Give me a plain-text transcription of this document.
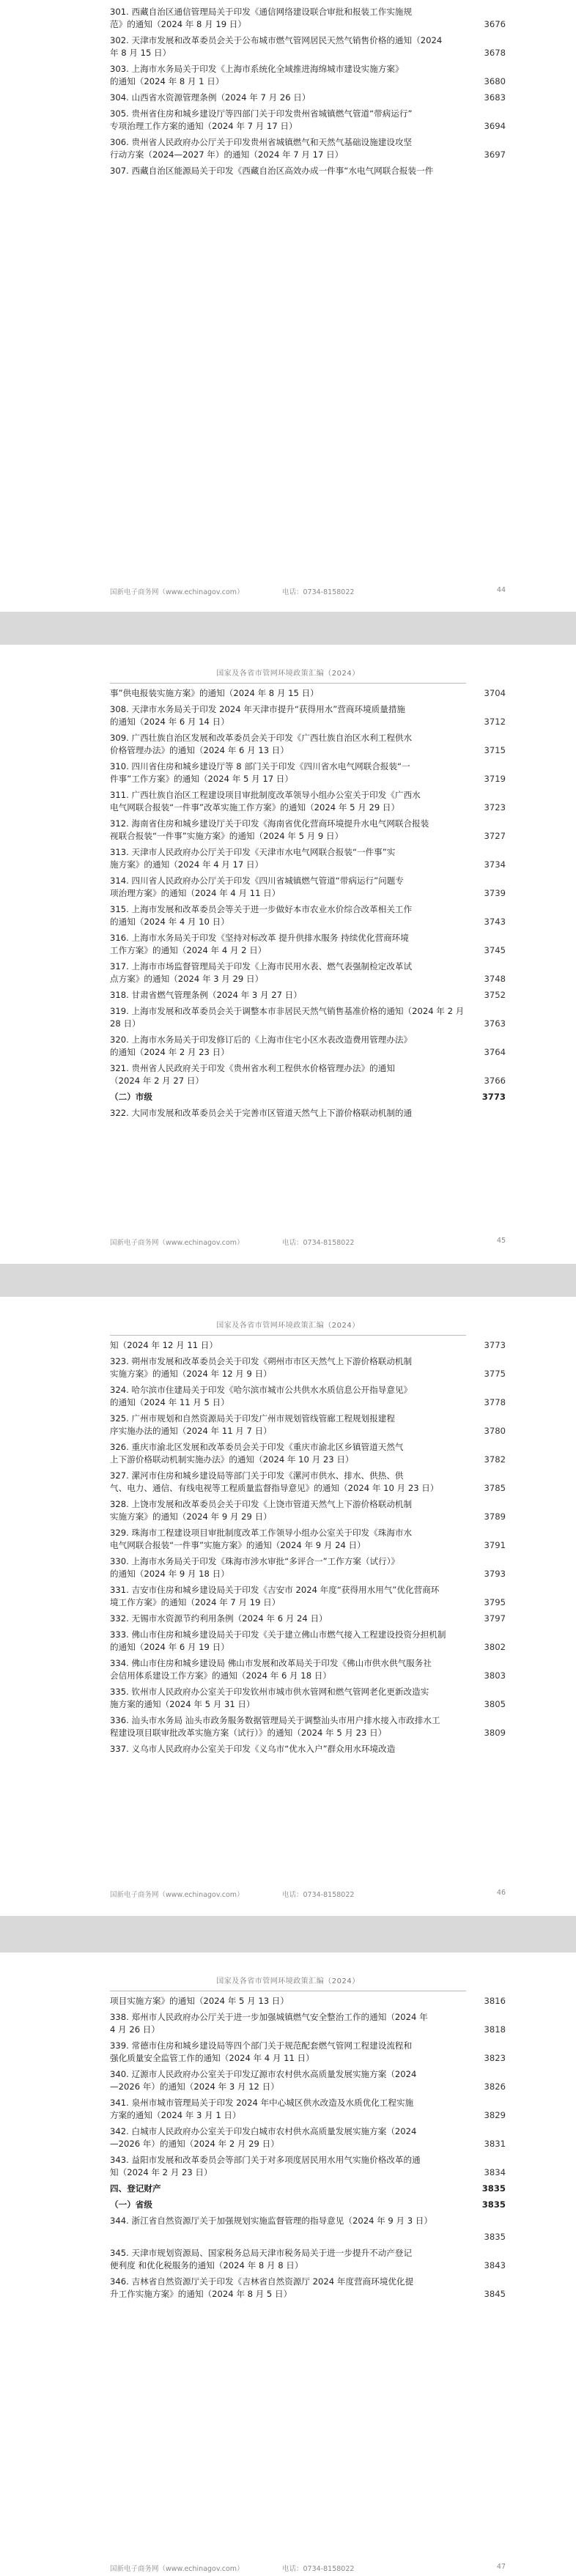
301. 西藏自治区通信管理局关于印发《通信网络建设联合审批和报装工作实施规
范》的通知（2024 年 8 月 19 日）	3676
302. 天津市发展和改革委员会关于公布城市燃气管网居民天然气销售价格的通知（2024
年 8 月 15 日）	3678
303. 上海市水务局关于印发《上海市系统化全域推进海绵城市建设实施方案》
的通知（2024 年 8 月 1 日）	3680
304. 山西省水资源管理条例（2024 年 7 月 26 日）	3683
305. 贵州省住房和城乡建设厅等四部门关于印发贵州省城镇燃气管道“带病运行”
专项治理工作方案的通知（2024 年 7 月 17 日）	3694
306. 贵州省人民政府办公厅关于印发贵州省城镇燃气和天然气基础设施建设攻坚
行动方案（2024—2027 年）的通知（2024 年 7 月 17 日）	3697
307. 西藏自治区能源局关于印发《西藏自治区高效办成一件事“水电气网联合报装一件
国新电子商务网（www.echinagov.com）	电话：0734-8158022	44
国家及各省市管网环境政策汇编（2024）
事”供电报装实施方案》的通知（2024 年 8 月 15 日）	3704
308. 天津市水务局关于印发 2024 年天津市提升“获得用水”营商环境质量措施
的通知（2024 年 6 月 14 日）	3712
309. 广西壮族自治区发展和改革委员会关于印发《广西壮族自治区水利工程供水
价格管理办法》的通知（2024 年 6 月 13 日）	3715
310. 四川省住房和城乡建设厅等 8 部门关于印发《四川省水电气网联合报装“一
件事”工作方案》的通知（2024 年 5 月 17 日）	3719
311. 广西壮族自治区工程建设项目审批制度改革领导小组办公室关于印发《广西水
电气网联合报装“一件事”改革实施工作方案》的通知（2024 年 5 月 29 日）	3723
312. 海南省住房和城乡建设厅关于印发《海南省优化营商环境提升水电气网联合报装
视联合报装“一件事”实施方案》的通知（2024 年 5 月 9 日）	3727
313. 天津市人民政府办公厅关于印发《天津市水电气网联合报装“一件事”实
施方案》的通知（2024 年 4 月 17 日）	3734
314. 四川省人民政府办公厅关于印发《四川省城镇燃气管道“带病运行”问题专
项治理方案》的通知（2024 年 4 月 11 日）	3739
315. 上海市发展和改革委员会等关于进一步做好本市农业水价综合改革相关工作
的通知（2024 年 4 月 10 日）	3743
316. 上海市水务局关于印发《坚持对标改革 提升供排水服务 持续优化营商环境
工作方案》的通知（2024 年 4 月 2 日）	3745
317. 上海市市场监督管理局关于印发《上海市民用水表、燃气表强制检定改革试
点方案》的通知（2024 年 3 月 29 日）	3748
318. 甘肃省燃气管理条例（2024 年 3 月 27 日）	3752
319. 上海市发展和改革委员会关于调整本市非居民天然气销售基准价格的通知（2024 年 2 月
28 日）	3763
320. 上海市水务局关于印发修订后的《上海市住宅小区水表改造费用管理办法》
的通知（2024 年 2 月 23 日）	3764
321. 贵州省人民政府关于印发《贵州省水利工程供水价格管理办法》的通知
（2024 年 2 月 27 日）	3766
（二）市级	3773
322. 大同市发展和改革委员会关于完善市区管道天然气上下游价格联动机制的通
国新电子商务网（www.echinagov.com）	电话：0734-8158022	45
国家及各省市管网环境政策汇编（2024）
知（2024 年 12 月 11 日）	3773
323. 朔州市发展和改革委员会关于印发《朔州市市区天然气上下游价格联动机制
实施方案》的通知（2024 年 12 月 9 日）	3775
324. 哈尔滨市住建局关于印发《哈尔滨市城市公共供水水质信息公开指导意见》
的通知（2024 年 11 月 5 日）	3778
325. 广州市规划和自然资源局关于印发广州市规划管线管廊工程规划报建程
序实施办法的通知（2024 年 11 月 7 日）	3780
326. 重庆市渝北区发展和改革委员会关于印发《重庆市渝北区乡镇管道天然气
上下游价格联动机制实施办法》的通知（2024 年 10 月 23 日）	3782
327. 漯河市住房和城乡建设局等部门关于印发《漯河市供水、排水、供热、供
气、电力、通信、有线电视等工程质量监督指导意见》的通知（2024 年 10 月 23 日）	3785
328. 上饶市发展和改革委员会关于印发《上饶市管道天然气上下游价格联动机制
实施方案》的通知（2024 年 9 月 29 日）	3789
329. 珠海市工程建设项目审批制度改革工作领导小组办公室关于印发《珠海市水
电气网联合报装“一件事”实施方案》的通知（2024 年 9 月 24 日）	3791
330. 上海市水务局关于印发《珠海市涉水审批“多评合一”工作方案（试行）》
的通知（2024 年 9 月 18 日）	3793
331. 吉安市住房和城乡建设局关于印发《吉安市 2024 年度“获得用水用气”优化营商环
境工作方案》的通知（2024 年 7 月 19 日）	3795
332. 无锡市水资源节约利用条例（2024 年 6 月 24 日）	3797
333. 佛山市住房和城乡建设局关于印发《关于建立佛山市燃气接入工程建设投资分担机制
的通知（2024 年 6 月 19 日）	3802
334. 佛山市住房和城乡建设局 佛山市发展和改革局关于印发《佛山市供水供气服务社
会信用体系建设工作方案》的通知（2024 年 6 月 18 日）	3803
335. 钦州市人民政府办公室关于印发钦州市城市供水管网和燃气管网老化更新改造实
施方案的通知（2024 年 5 月 31 日）	3805
336. 汕头市水务局 汕头市政务服务数据管理局关于调整汕头市用户排水接入市政排水工
程建设项目联审批改革实施方案（试行）》的通知（2024 年 5 月 23 日）	3809
337. 义乌市人民政府办公室关于印发《义乌市“优水入户”群众用水环境改造
国新电子商务网（www.echinagov.com）	电话：0734-8158022	46
国家及各省市管网环境政策汇编（2024）
项目实施方案》的通知（2024 年 5 月 13 日）	3816
338. 郑州市人民政府办公厅关于进一步加强城镇燃气安全整治工作的通知（2024 年
4 月 26 日）	3818
339. 常德市住房和城乡建设局等四个部门关于规范配套燃气管网工程建设流程和
强化质量安全监管工作的通知（2024 年 4 月 11 日）	3823
340. 辽源市人民政府办公室关于印发辽源市农村供水高质量发展实施方案（2024
—2026 年）的通知（2024 年 3 月 12 日）	3826
341. 泉州市城市管理局关于印发 2024 年中心城区供水改造及水质优化工程实施
方案的通知（2024 年 3 月 1 日）	3829
342. 白城市人民政府办公室关于印发白城市农村供水高质量发展实施方案（2024
—2026 年）的通知（2024 年 2 月 29 日）	3831
343. 益阳市发展和改革委员会等部门关于对多项度居民用水用气实施价格改革的通
知（2024 年 2 月 23 日）	3834
四、登记财产	3835
（一）省级	3835
344. 浙江省自然资源厅关于加强规划实施监督管理的指导意见（2024 年 9 月 3 日）
3835
345. 天津市规划资源局、国家税务总局天津市税务局关于进一步提升不动产登记
便利度 和优化税服务的通知（2024 年 8 月 8 日）	3843
346. 吉林省自然资源厅关于印发《吉林省自然资源厅 2024 年度营商环境优化提
升工作实施方案》的通知（2024 年 8 月 5 日）	3845
国新电子商务网（www.echinagov.com）	电话：0734-8158022	47
